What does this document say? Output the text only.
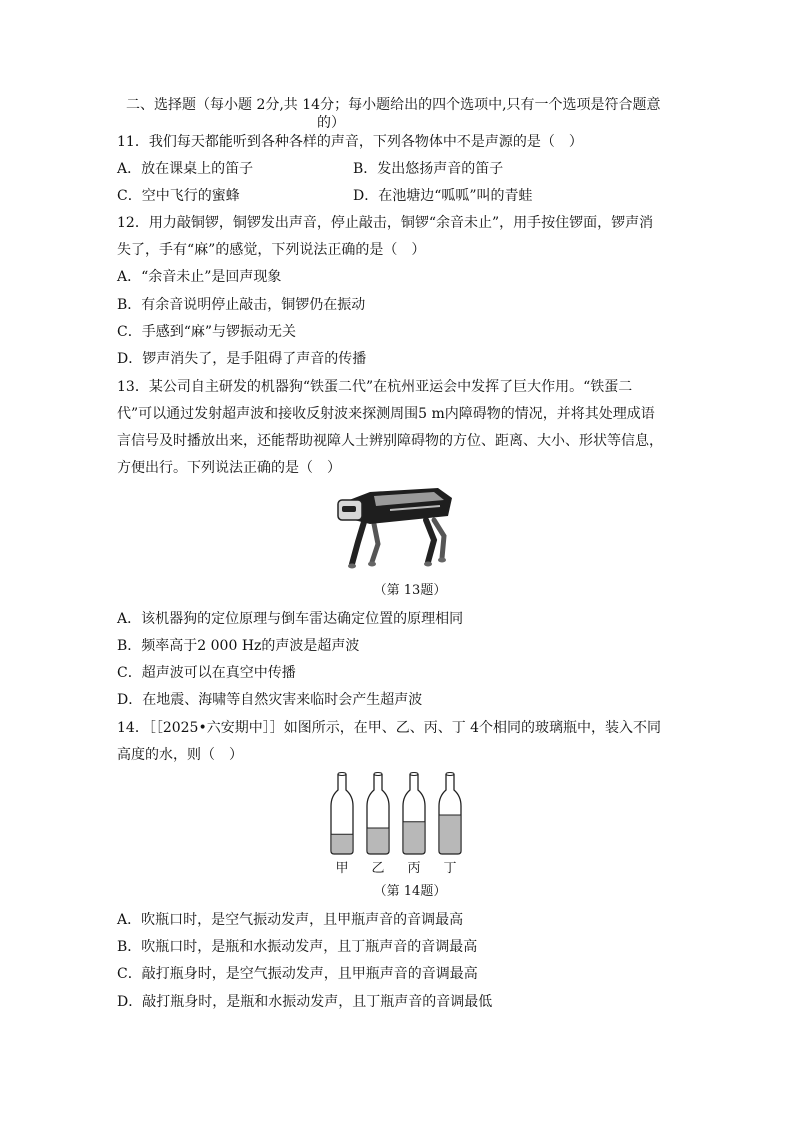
二、选择题（每小题 2分,共 14分；每小题给出的四个选项中,只有一个选项是符合题意
的）
11．我们每天都能听到各种各样的声音，下列各物体中不是声源的是（　）
A．放在课桌上的笛子	B．发出悠扬声音的笛子
C．空中飞行的蜜蜂	D．在池塘边“呱呱”叫的青蛙
12．用力敲铜锣，铜锣发出声音，停止敲击，铜锣“余音未止”，用手按住锣面，锣声消
失了，手有“麻”的感觉，下列说法正确的是（　）
A．“余音未止”是回声现象
B．有余音说明停止敲击，铜锣仍在振动
C．手感到“麻”与锣振动无关
D．锣声消失了，是手阻碍了声音的传播
13．某公司自主研发的机器狗“铁蛋二代”在杭州亚运会中发挥了巨大作用。“铁蛋二
代”可以通过发射超声波和接收反射波来探测周围5 m内障碍物的情况，并将其处理成语
言信号及时播放出来，还能帮助视障人士辨别障碍物的方位、距离、大小、形状等信息，
方便出行。下列说法正确的是（　）
（第 13题）
A．该机器狗的定位原理与倒车雷达确定位置的原理相同
B．频率高于2 000 Hz的声波是超声波
C．超声波可以在真空中传播
D．在地震、海啸等自然灾害来临时会产生超声波
14．［［2025•六安期中］］如图所示，在甲、乙、丙、丁 4个相同的玻璃瓶中，装入不同
高度的水，则（　）
甲 乙 丙 丁
（第 14题）
A．吹瓶口时，是空气振动发声，且甲瓶声音的音调最高
B．吹瓶口时，是瓶和水振动发声，且丁瓶声音的音调最高
C．敲打瓶身时，是空气振动发声，且甲瓶声音的音调最高
D．敲打瓶身时，是瓶和水振动发声，且丁瓶声音的音调最低
